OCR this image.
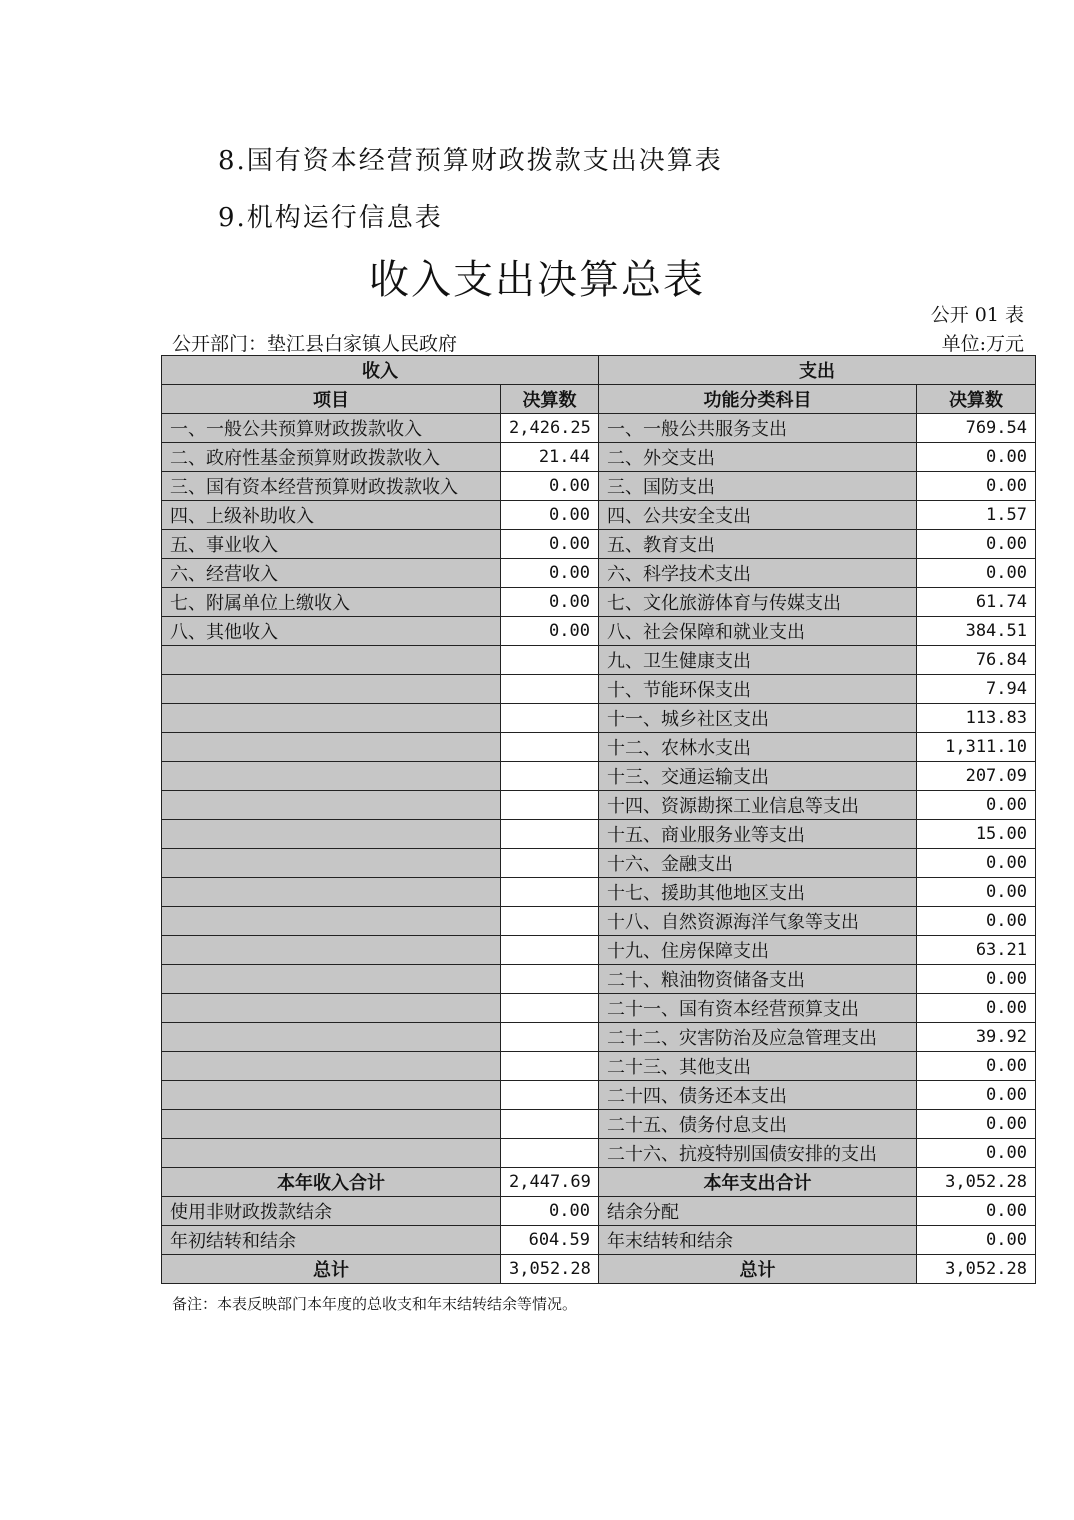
8.国有资本经营预算财政拨款支出决算表
9.机构运行信息表
收入支出决算总表
公开 01 表
公开部门：垫江县白家镇人民政府	单位:万元
收入		支出	
项目	决算数	功能分类科目	决算数
一、一般公共预算财政拨款收入	2,426.25	一、一般公共服务支出	769.54
二、政府性基金预算财政拨款收入	21.44	二、外交支出	0.00
三、国有资本经营预算财政拨款收入	0.00	三、国防支出	0.00
四、上级补助收入	0.00	四、公共安全支出	1.57
五、事业收入	0.00	五、教育支出	0.00
六、经营收入	0.00	六、科学技术支出	0.00
七、附属单位上缴收入	0.00	七、文化旅游体育与传媒支出	61.74
八、其他收入	0.00	八、社会保障和就业支出	384.51
		九、卫生健康支出	76.84
		十、节能环保支出	7.94
		十一、城乡社区支出	113.83
		十二、农林水支出	1,311.10
		十三、交通运输支出	207.09
		十四、资源勘探工业信息等支出	0.00
		十五、商业服务业等支出	15.00
		十六、金融支出	0.00
		十七、援助其他地区支出	0.00
		十八、自然资源海洋气象等支出	0.00
		十九、住房保障支出	63.21
		二十、粮油物资储备支出	0.00
		二十一、国有资本经营预算支出	0.00
		二十二、灾害防治及应急管理支出	39.92
		二十三、其他支出	0.00
		二十四、债务还本支出	0.00
		二十五、债务付息支出	0.00
		二十六、抗疫特别国债安排的支出	0.00
本年收入合计	2,447.69	本年支出合计	3,052.28
使用非财政拨款结余	0.00	结余分配	0.00
年初结转和结余	604.59	年末结转和结余	0.00
总计	3,052.28	总计	3,052.28
备注：本表反映部门本年度的总收支和年末结转结余等情况。
